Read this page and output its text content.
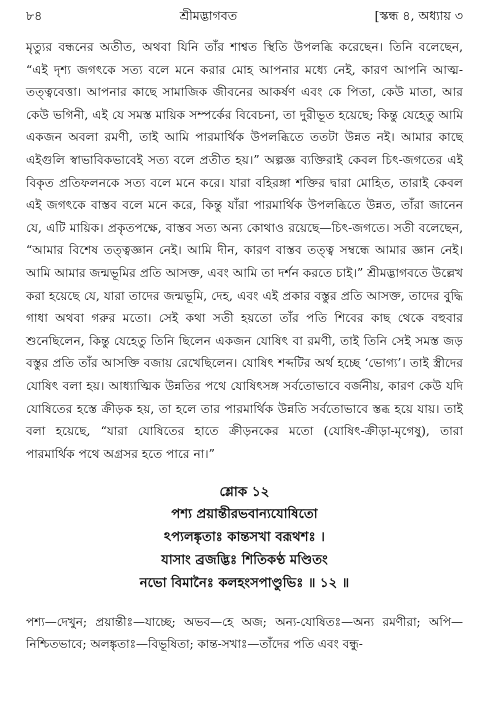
৮৪	শ্রীমদ্ভাগবত	[স্কন্ধ ৪, অধ্যায় ৩

মৃত্যুর বন্ধনের অতীত, অথবা যিনি তাঁর শাশ্বত স্থিতি উপলব্ধি করেছেন। তিনি বলেছেন, “এই দৃশ্য জগৎকে সত্য বলে মনে করার মোহ আপনার মধ্যে নেই, কারণ আপনি আত্ম-তত্ত্ববেত্তা। আপনার কাছে সামাজিক জীবনের আকর্ষণ এবং কে পিতা, কেউ মাতা, আর কেউ ভগিনী, এই যে সমস্ত মায়িক সম্পর্কের বিবেচনা, তা দুরীভূত হয়েছে; কিন্তু যেহেতু আমি একজন অবলা রমণী, তাই আমি পারমার্থিক উপলব্ধিতে ততটা উন্নত নই। আমার কাছে এইগুলি স্বাভাবিকভাবেই সত্য বলে প্রতীত হয়।” অল্পজ্ঞ ব্যক্তিরাই কেবল চিৎ-জগতের এই বিকৃত প্রতিফলনকে সত্য বলে মনে করে। যারা বহিরঙ্গা শক্তির দ্বারা মোহিত, তারাই কেবল এই জগৎকে বাস্তব বলে মনে করে, কিন্তু যাঁরা পারমার্থিক উপলব্ধিতে উন্নত, তাঁরা জানেন যে, এটি মায়িক। প্রকৃতপক্ষে, বাস্তব সত্য অন্য কোথাও রয়েছে—চিৎ-জগতে। সতী বলেছেন, “আমার বিশেষ তত্ত্বজ্ঞান নেই। আমি দীন, কারণ বাস্তব তত্ত্ব সম্বন্ধে আমার জ্ঞান নেই। আমি আমার জন্মভূমির প্রতি আসক্ত, এবং আমি তা দর্শন করতে চাই।” শ্রীমদ্ভাগবতে উল্লেখ করা হয়েছে যে, যারা তাদের জন্মভূমি, দেহ, এবং এই প্রকার বস্তুর প্রতি আসক্ত, তাদের বুদ্ধি গাধা অথবা গরুর মতো। সেই কথা সতী হয়তো তাঁর পতি শিবের কাছ থেকে বহুবার শুনেছিলেন, কিন্তু যেহেতু তিনি ছিলেন একজন যোষিৎ বা রমণী, তাই তিনি সেই সমস্ত জড় বস্তুর প্রতি তাঁর আসক্তি বজায় রেখেছিলেন। যোষিৎ শব্দটির অর্থ হচ্ছে ‘ভোগ্য’। তাই স্ত্রীদের যোষিৎ বলা হয়। আধ্যাত্মিক উন্নতির পথে যোষিৎসঙ্গ সর্বতোভাবে বর্জনীয়, কারণ কেউ যদি যোষিতের হস্তে ক্রীড়ক হয়, তা হলে তার পারমার্থিক উন্নতি সর্বতোভাবে স্তব্ধ হয়ে যায়। তাই বলা হয়েছে, “যারা যোষিতের হাতে ক্রীড়নকের মতো (যোষিৎ-ক্রীড়া-মৃগেষু), তারা পারমার্থিক পথে অগ্রসর হতে পারে না।”

শ্লোক ১২
পশ্য প্রয়ান্তীরভবান্যযোষিতো
ঽপ্যলঙ্কৃতাঃ কান্তসখা বরূথশঃ ।
যাসাং ব্রজদ্ভিঃ শিতিকণ্ঠ মণ্ডিতং
নভো বিমানৈঃ কলহংসপাণ্ডুভিঃ ॥ ১২ ॥
পশ্য—দেখুন; প্রয়ান্তীঃ—যাচ্ছে; অভব—হে অজ; অন্য-যোষিতঃ—অন্য রমণীরা; অপি—নিশ্চিতভাবে; অলঙ্কৃতাঃ—বিভূষিতা; কান্ত-সখাঃ—তাঁদের পতি এবং বন্ধু-
